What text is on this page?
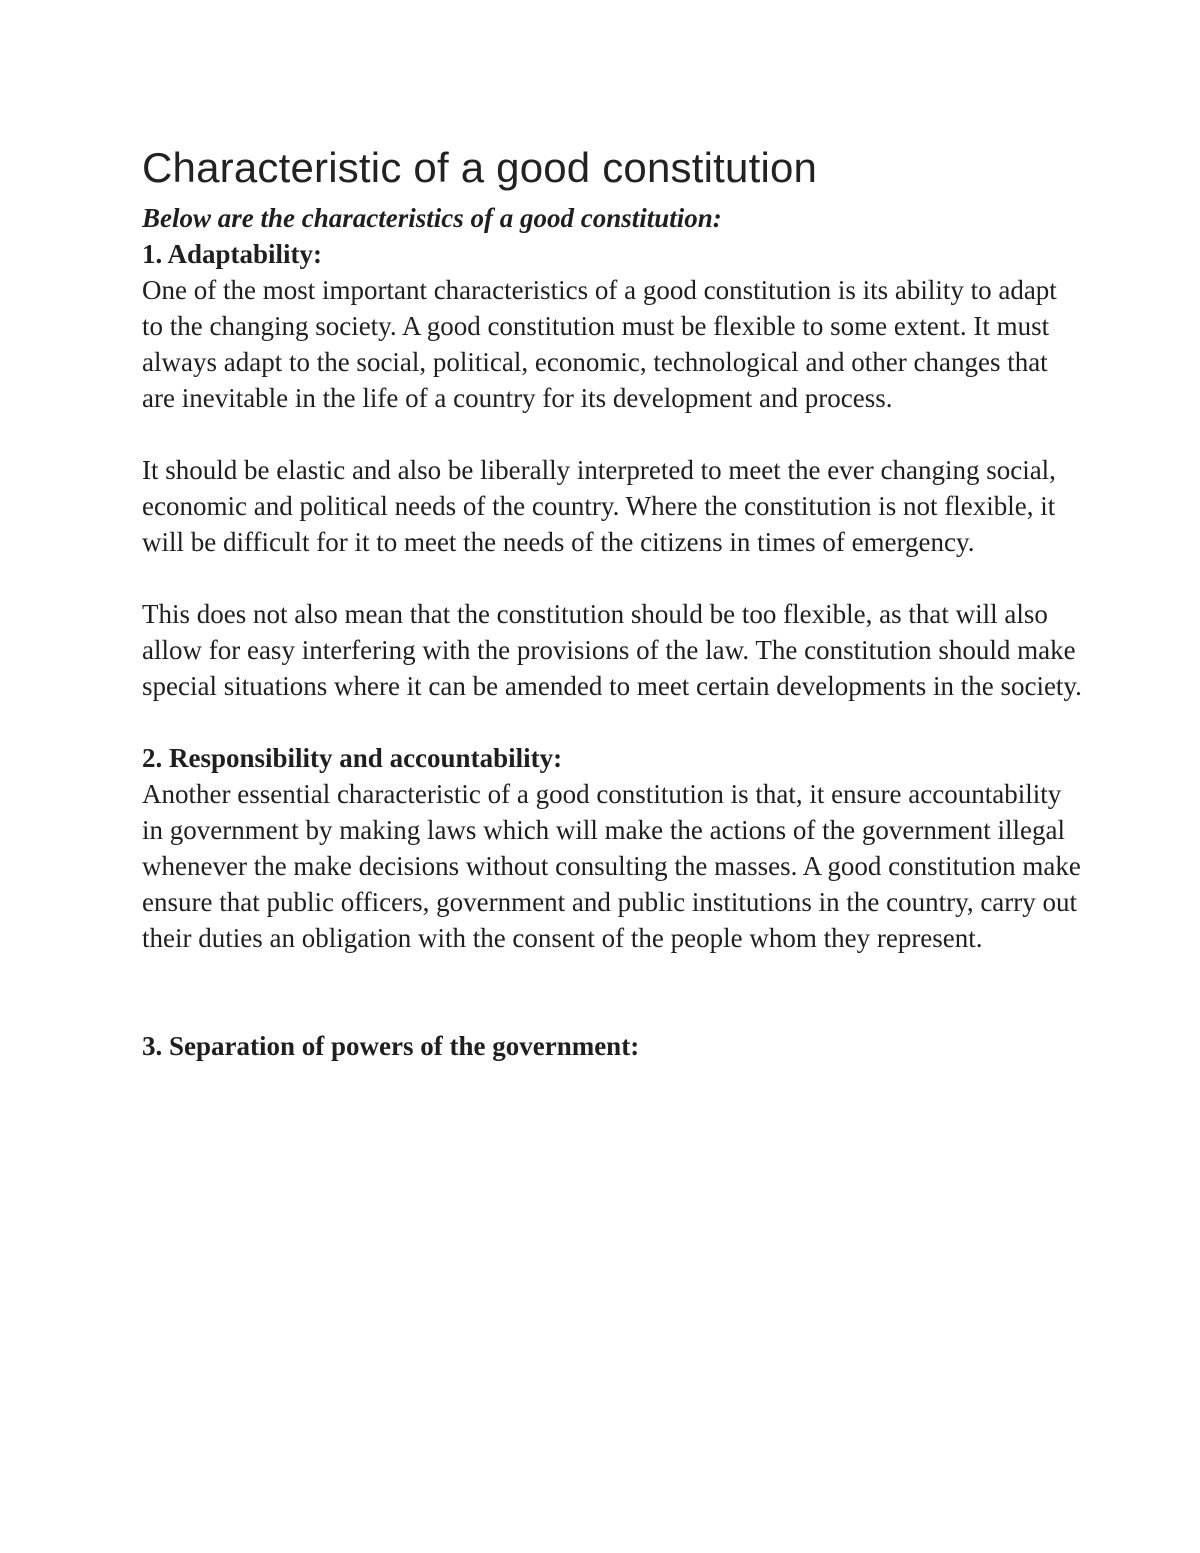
Characteristic of a good constitution

Below are the characteristics of a good constitution:

1. Adaptability:

One of the most important characteristics of a good constitution is its ability to adapt to the changing society. A good constitution must be flexible to some extent. It must always adapt to the social, political, economic, technological and other changes that are inevitable in the life of a country for its development and process.

It should be elastic and also be liberally interpreted to meet the ever changing social, economic and political needs of the country. Where the constitution is not flexible, it will be difficult for it to meet the needs of the citizens in times of emergency.

This does not also mean that the constitution should be too flexible, as that will also allow for easy interfering with the provisions of the law. The constitution should make special situations where it can be amended to meet certain developments in the society.

2. Responsibility and accountability:

Another essential characteristic of a good constitution is that, it ensure accountability in government by making laws which will make the actions of the government illegal whenever the make decisions without consulting the masses. A good constitution make ensure that public officers, government and public institutions in the country, carry out their duties an obligation with the consent of the people whom they represent.

3. Separation of powers of the government:
